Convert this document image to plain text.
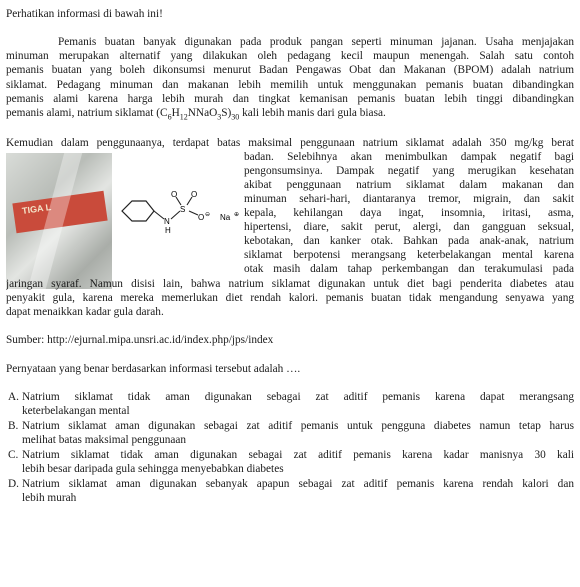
Perhatikan informasi di bawah ini!
Pemanis buatan banyak digunakan pada produk pangan seperti minuman jajanan. Usaha menjajakan
minuman merupakan alternatif yang dilakukan oleh pedagang kecil maupun menengah. Salah satu contoh
pemanis buatan yang boleh dikonsumsi menurut Badan Pengawas Obat dan Makanan (BPOM) adalah natrium
siklamat. Pedagang minuman dan makanan lebih memilih untuk menggunakan pemanis buatan dibandingkan
pemanis alami karena harga lebih murah dan tingkat kemanisan pemanis buatan lebih tinggi dibandingkan
pemanis alami, natrium siklamat $(C_6H_{12}NNaO_3S)_{30}$ kali lebih manis dari gula biasa.
Kemudian dalam penggunaanya, terdapat batas maksimal penggunaan natrium siklamat adalah 350 mg/kg berat
TIGA L
N
H
S
O O
O ⊖ Na ⊕
badan. Selebihnya akan menimbulkan dampak negatif bagi
pengonsumsinya. Dampak negatif yang merugikan kesehatan
akibat penggunaan natrium siklamat dalam makanan dan
minuman sehari-hari, diantaranya tremor, migrain, dan sakit
kepala, kehilangan daya ingat, insomnia, iritasi, asma,
hipertensi, diare, sakit perut, alergi, dan gangguan seksual,
kebotakan, dan kanker otak. Bahkan pada anak-anak, natrium
siklamat berpotensi merangsang keterbelakangan mental karena
otak masih dalam tahap perkembangan dan terakumulasi pada
jaringan syaraf. Namun disisi lain, bahwa natrium siklamat digunakan untuk diet bagi penderita diabetes atau
penyakit gula, karena mereka memerlukan diet rendah kalori. pemanis buatan tidak mengandung senyawa yang
dapat menaikkan kadar gula darah.
Sumber: http://ejurnal.mipa.unsri.ac.id/index.php/jps/index
Pernyataan yang benar berdasarkan informasi tersebut adalah ….
A. Natrium siklamat tidak aman digunakan sebagai zat aditif pemanis karena dapat merangsang
keterbelakangan mental
B. Natrium siklamat aman digunakan sebagai zat aditif pemanis untuk pengguna diabetes namun tetap harus
melihat batas maksimal penggunaan
C. Natrium siklamat tidak aman digunakan sebagai zat aditif pemanis karena kadar manisnya 30 kali
lebih besar daripada gula sehingga menyebabkan diabetes
D. Natrium siklamat aman digunakan sebanyak apapun sebagai zat aditif pemanis karena rendah kalori dan
lebih murah
